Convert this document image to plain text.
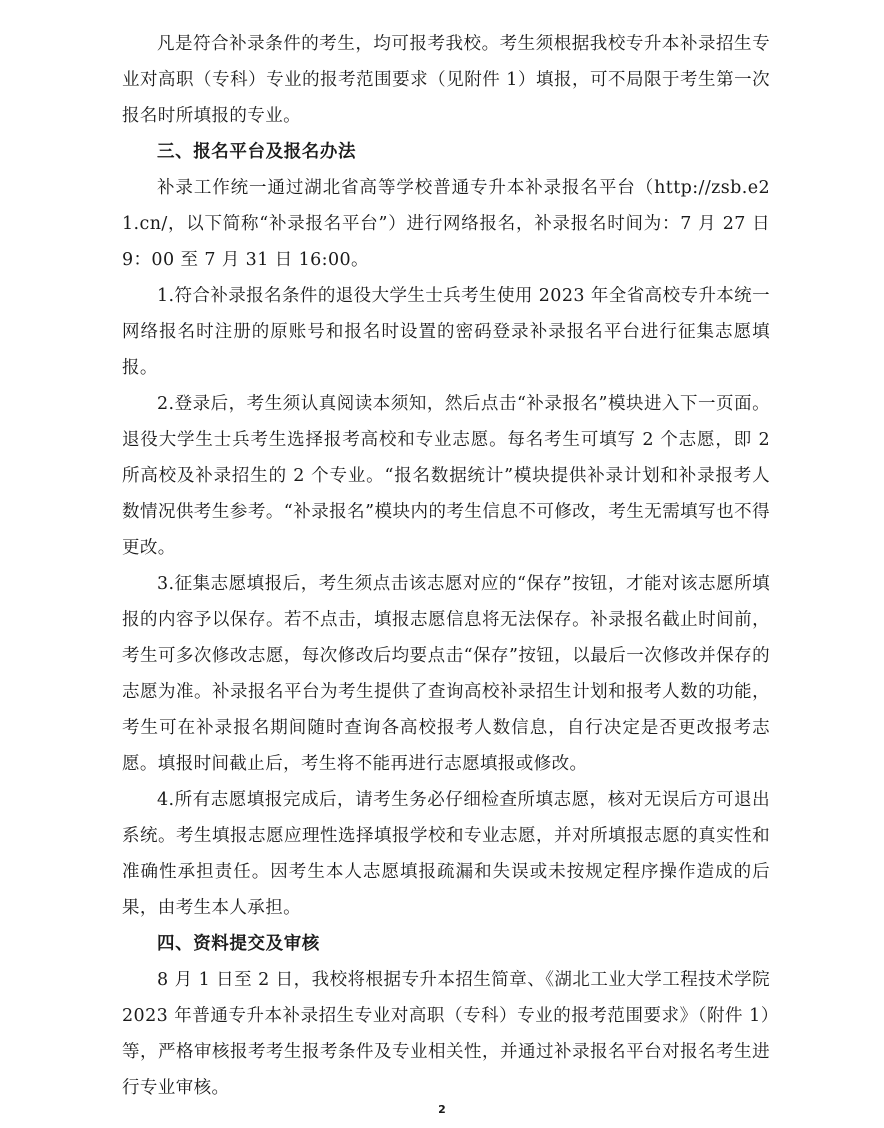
凡是符合补录条件的考生，均可报考我校。考生须根据我校专升本补录招生专业对高职（专科）专业的报考范围要求（见附件 1）填报，可不局限于考生第一次报名时所填报的专业。

三、报名平台及报名办法

补录工作统一通过湖北省高等学校普通专升本补录报名平台（http://zsb.e21.cn/，以下简称“补录报名平台”）进行网络报名，补录报名时间为：7 月 27 日 9：00 至 7 月 31 日 16:00。

1.符合补录报名条件的退役大学生士兵考生使用 2023 年全省高校专升本统一网络报名时注册的原账号和报名时设置的密码登录补录报名平台进行征集志愿填报。

2.登录后，考生须认真阅读本须知，然后点击“补录报名”模块进入下一页面。退役大学生士兵考生选择报考高校和专业志愿。每名考生可填写 2 个志愿，即 2 所高校及补录招生的 2 个专业。“报名数据统计”模块提供补录计划和补录报考人数情况供考生参考。“补录报名”模块内的考生信息不可修改，考生无需填写也不得更改。

3.征集志愿填报后，考生须点击该志愿对应的“保存”按钮，才能对该志愿所填报的内容予以保存。若不点击，填报志愿信息将无法保存。补录报名截止时间前，考生可多次修改志愿，每次修改后均要点击“保存”按钮，以最后一次修改并保存的志愿为准。补录报名平台为考生提供了查询高校补录招生计划和报考人数的功能，考生可在补录报名期间随时查询各高校报考人数信息，自行决定是否更改报考志愿。填报时间截止后，考生将不能再进行志愿填报或修改。

4.所有志愿填报完成后，请考生务必仔细检查所填志愿，核对无误后方可退出系统。考生填报志愿应理性选择填报学校和专业志愿，并对所填报志愿的真实性和准确性承担责任。因考生本人志愿填报疏漏和失误或未按规定程序操作造成的后果，由考生本人承担。

四、资料提交及审核

8 月 1 日至 2 日，我校将根据专升本招生简章、《湖北工业大学工程技术学院 2023 年普通专升本补录招生专业对高职（专科）专业的报考范围要求》（附件 1）等，严格审核报考考生报考条件及专业相关性，并通过补录报名平台对报名考生进行专业审核。

2
